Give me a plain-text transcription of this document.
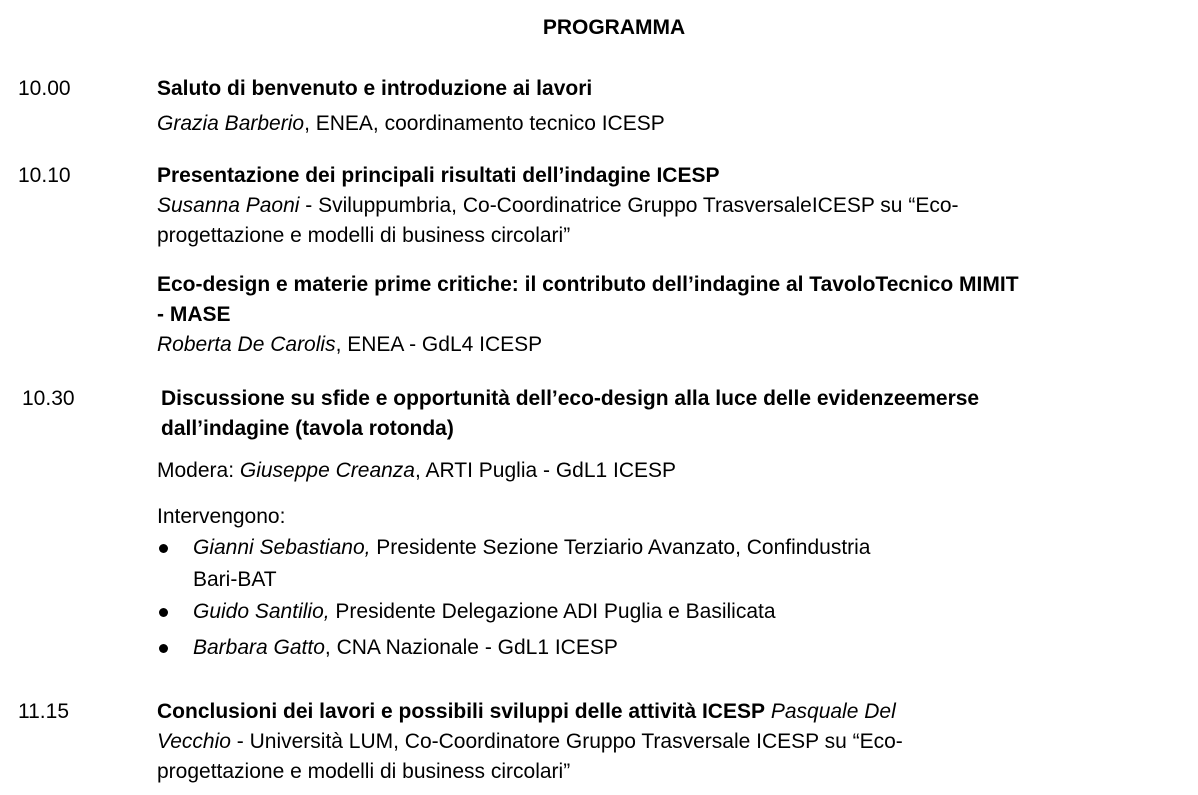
PROGRAMMA
10.00	Saluto di benvenuto e introduzione ai lavori
Grazia Barberio, ENEA, coordinamento tecnico ICESP
10.10	Presentazione dei principali risultati dell’indagine ICESP
Susanna Paoni - Sviluppumbria, Co-Coordinatrice Gruppo TrasversaleICESP su “Eco-
progettazione e modelli di business circolari”
Eco-design e materie prime critiche: il contributo dell’indagine al TavoloTecnico MIMIT
- MASE
Roberta De Carolis, ENEA - GdL4 ICESP
10.30	Discussione su sfide e opportunità dell’eco-design alla luce delle evidenzeemerse
dall’indagine (tavola rotonda)
Modera: Giuseppe Creanza, ARTI Puglia - GdL1 ICESP
Intervengono:
Gianni Sebastiano, Presidente Sezione Terziario Avanzato, Confindustria
Bari-BAT
Guido Santilio, Presidente Delegazione ADI Puglia e Basilicata
Barbara Gatto, CNA Nazionale - GdL1 ICESP
11.15	Conclusioni dei lavori e possibili sviluppi delle attività ICESP Pasquale Del
Vecchio - Università LUM, Co-Coordinatore Gruppo Trasversale ICESP su “Eco-
progettazione e modelli di business circolari”
